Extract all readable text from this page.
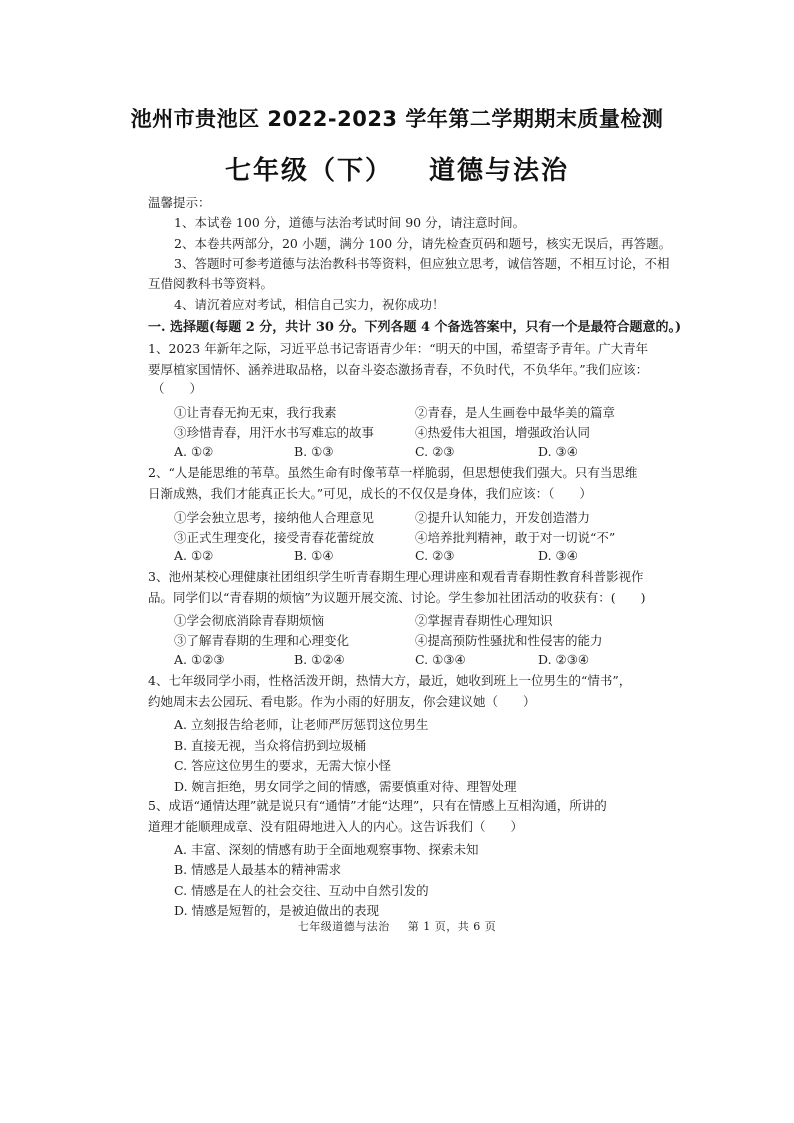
池州市贵池区 2022-2023 学年第二学期期末质量检测
七年级（下） 道德与法治
温馨提示：
1、本试卷 100 分，道德与法治考试时间 90 分，请注意时间。
2、本卷共两部分，20 小题，满分 100 分，请先检查页码和题号，核实无误后，再答题。
3、答题时可参考道德与法治教科书等资料，但应独立思考，诚信答题，不相互讨论，不相
互借阅教科书等资料。
4、请沉着应对考试，相信自己实力，祝你成功！
一. 选择题(每题 2 分，共计 30 分。下列各题 4 个备选答案中，只有一个是最符合题意的。)
1、2023 年新年之际，习近平总书记寄语青少年：“明天的中国，希望寄予青年。广大青年
要厚植家国情怀、涵养进取品格，以奋斗姿态激扬青春，不负时代，不负华年。”我们应该：
（　　）
①让青春无拘无束，我行我素	②青春，是人生画卷中最华美的篇章
③珍惜青春，用汗水书写难忘的故事	④热爱伟大祖国，增强政治认同
A. ①②	B. ①③	C. ②③	D. ③④
2、“人是能思维的苇草。虽然生命有时像苇草一样脆弱，但思想使我们强大。只有当思维
日渐成熟，我们才能真正长大。”可见，成长的不仅仅是身体，我们应该：（　　）
①学会独立思考，接纳他人合理意见	②提升认知能力，开发创造潜力
③正式生理变化，接受青春花蕾绽放	④培养批判精神，敢于对一切说“不”
A. ①②	B. ①④	C. ②③	D. ③④
3、池州某校心理健康社团组织学生听青春期生理心理讲座和观看青春期性教育科普影视作
品。同学们以“青春期的烦恼”为议题开展交流、讨论。学生参加社团活动的收获有：(　　)
①学会彻底消除青春期烦恼	②掌握青春期性心理知识
③了解青春期的生理和心理变化	④提高预防性骚扰和性侵害的能力
A. ①②③	B. ①②④	C. ①③④	D. ②③④
4、七年级同学小雨，性格活泼开朗，热情大方，最近，她收到班上一位男生的“情书”，
约她周末去公园玩、看电影。作为小雨的好朋友，你会建议她（　　）
A. 立刻报告给老师，让老师严厉惩罚这位男生
B. 直接无视，当众将信扔到垃圾桶
C. 答应这位男生的要求，无需大惊小怪
D. 婉言拒绝，男女同学之间的情感，需要慎重对待、理智处理
5、成语“通情达理”就是说只有“通情”才能“达理”，只有在情感上互相沟通，所讲的
道理才能顺理成章、没有阻碍地进入人的内心。这告诉我们（　　）
A. 丰富、深刻的情感有助于全面地观察事物、探索未知
B. 情感是人最基本的精神需求
C. 情感是在人的社会交往、互动中自然引发的
D. 情感是短暂的，是被迫做出的表现
七年级道德与法治 第 1 页，共 6 页
